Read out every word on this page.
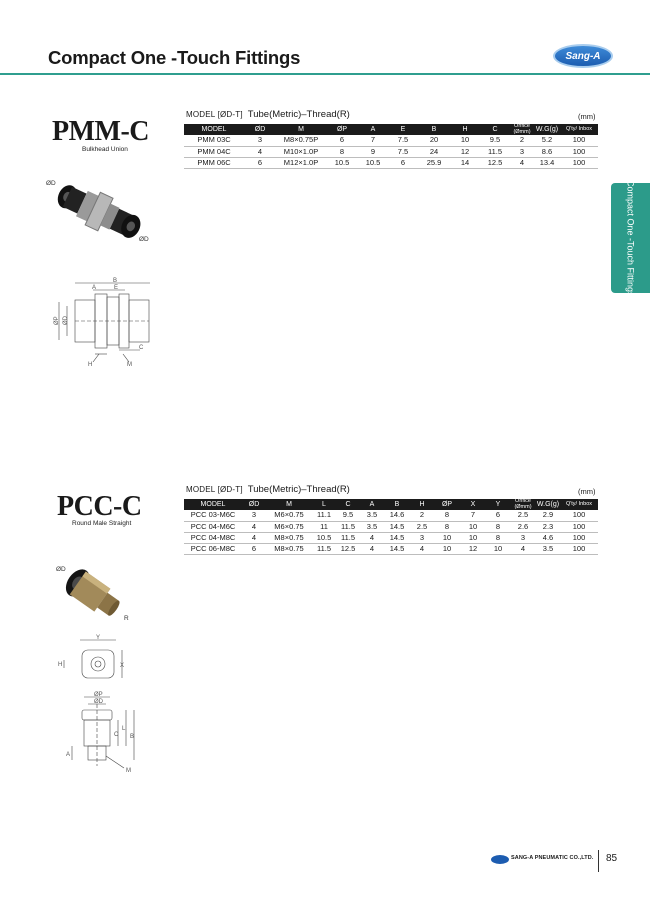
Compact One -Touch Fittings	Sang-A
Compact One -Touch Fittings
PMM-C
Bulkhead Union
MODEL [ØD-T] Tube(Metric)–Thread(R)	(mm)
MODEL	ØD	M	ØP	A	E	B	H	C	Orifice (Ømm)	W.G(g)	Q'ty/ Inbox
PMM 03C	3	M8×0.75P	6	7	7.5	20	10	9.5	2	5.2	100
PMM 04C	4	M10×1.0P	8	9	7.5	24	12	11.5	3	8.6	100
PMM 06C	6	M12×1.0P	10.5	10.5	6	25.9	14	12.5	4	13.4	100
ØD
ØD
B
A	E
ØP ØD
C
H	M
PCC-C
Round Male Straight
MODEL [ØD-T] Tube(Metric)–Thread(R)	(mm)
MODEL	ØD	M	L	C	A	B	H	ØP	X	Y	Orifice (Ømm)	W.G(g)	Q'ty/ Inbox
PCC 03-M6C	3	M6×0.75	11.1	9.5	3.5	14.6	2	8	7	6	2.5	2.9	100
PCC 04-M6C	4	M6×0.75	11	11.5	3.5	14.5	2.5	8	10	8	2.6	2.3	100
PCC 04-M8C	4	M8×0.75	10.5	11.5	4	14.5	3	10	10	8	3	4.6	100
PCC 06-M8C	6	M8×0.75	11.5	12.5	4	14.5	4	10	12	10	4	3.5	100
ØD
R
Y
H	X
ØP
ØD
A
C
L
B
M
SANG-A PNEUMATIC CO.,LTD. 85
